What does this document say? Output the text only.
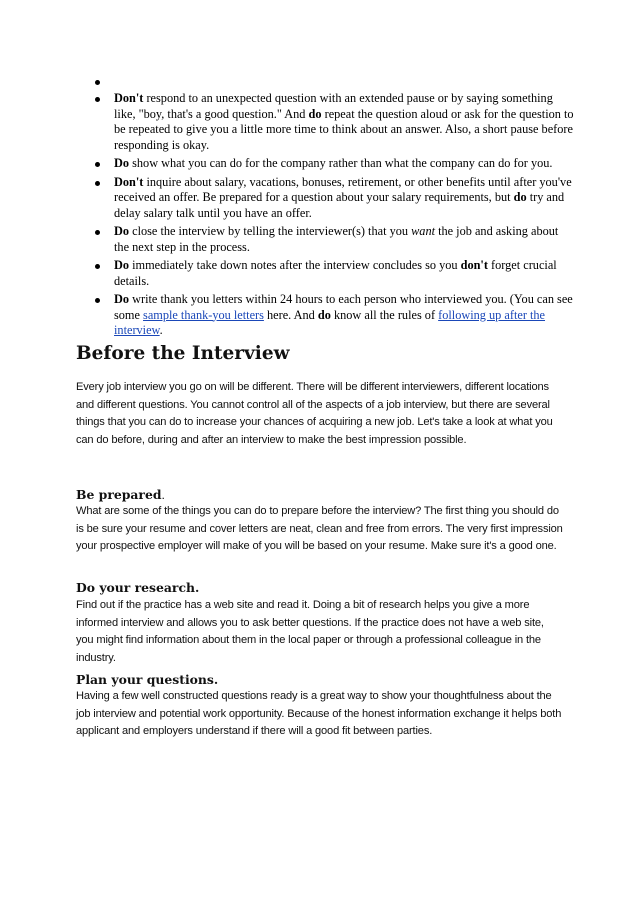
Don't respond to an unexpected question with an extended pause or by saying something like, "boy, that's a good question." And do repeat the question aloud or ask for the question to be repeated to give you a little more time to think about an answer. Also, a short pause before responding is okay.
Do show what you can do for the company rather than what the company can do for you.
Don't inquire about salary, vacations, bonuses, retirement, or other benefits until after you've received an offer. Be prepared for a question about your salary requirements, but do try and delay salary talk until you have an offer.
Do close the interview by telling the interviewer(s) that you want the job and asking about the next step in the process.
Do immediately take down notes after the interview concludes so you don't forget crucial details.
Do write thank you letters within 24 hours to each person who interviewed you. (You can see some sample thank-you letters here. And do know all the rules of following up after the interview.
Before the Interview

Every job interview you go on will be different. There will be different interviewers, different locations and different questions. You cannot control all of the aspects of a job interview, but there are several things that you can do to increase your chances of acquiring a new job. Let's take a look at what you can do before, during and after an interview to make the best impression possible.

Be prepared.

What are some of the things you can do to prepare before the interview? The first thing you should do is be sure your resume and cover letters are neat, clean and free from errors. The very first impression your prospective employer will make of you will be based on your resume. Make sure it's a good one.

Do your research.

Find out if the practice has a web site and read it. Doing a bit of research helps you give a more informed interview and allows you to ask better questions. If the practice does not have a web site, you might find information about them in the local paper or through a professional colleague in the industry.

Plan your questions.

Having a few well constructed questions ready is a great way to show your thoughtfulness about the job interview and potential work opportunity. Because of the honest information exchange it helps both applicant and employers understand if there will a good fit between parties.
